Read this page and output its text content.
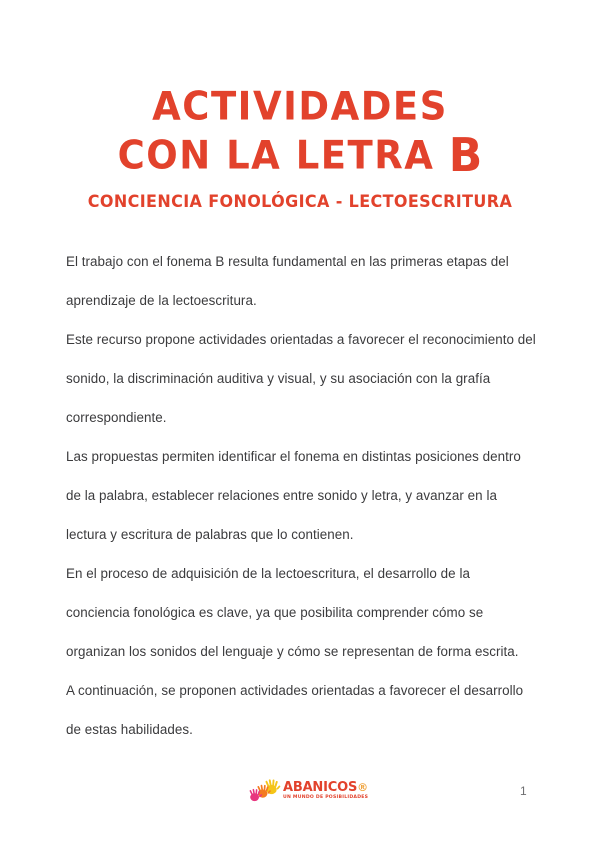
ACTIVIDADES
CON LA LETRA B
CONCIENCIA FONOLÓGICA - LECTOESCRITURA

El trabajo con el fonema B resulta fundamental en las primeras etapas del aprendizaje de la lectoescritura.

Este recurso propone actividades orientadas a favorecer el reconocimiento del sonido, la discriminación auditiva y visual, y su asociación con la grafía correspondiente.

Las propuestas permiten identificar el fonema en distintas posiciones dentro de la palabra, establecer relaciones entre sonido y letra, y avanzar en la lectura y escritura de palabras que lo contienen.

En el proceso de adquisición de la lectoescritura, el desarrollo de la conciencia fonológica es clave, ya que posibilita comprender cómo se organizan los sonidos del lenguaje y cómo se representan de forma escrita.

A continuación, se proponen actividades orientadas a favorecer el desarrollo de estas habilidades.

ABANICOS®
UN MUNDO DE POSIBILIDADES	1
